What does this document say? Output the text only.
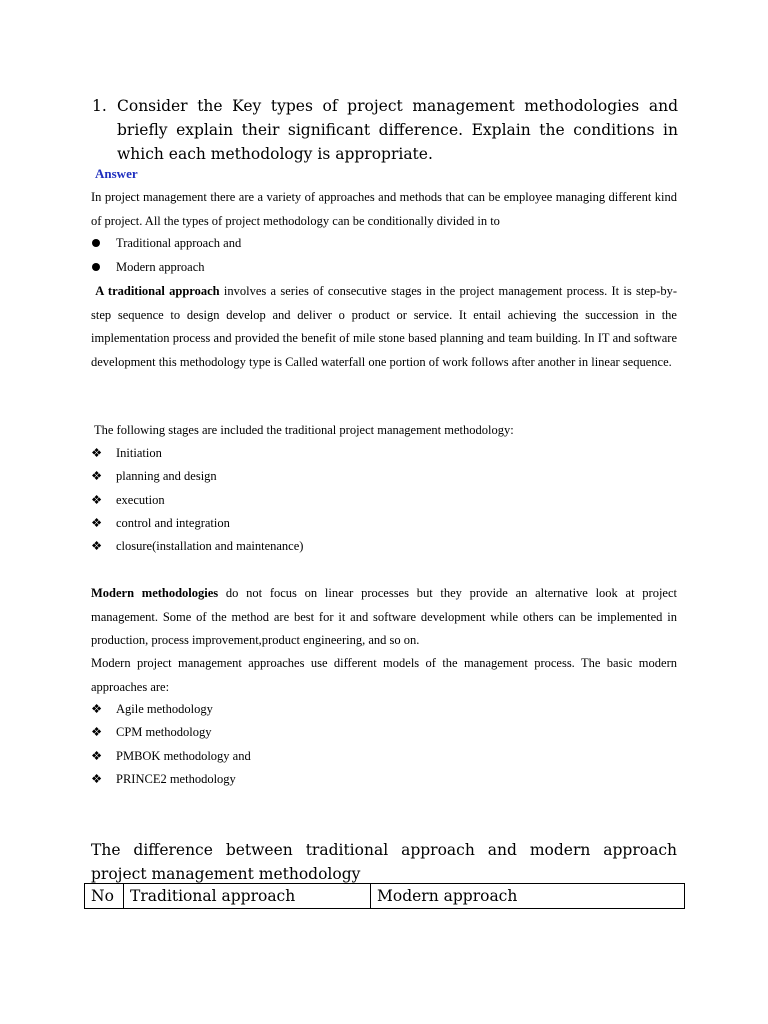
1. Consider the Key types of project management methodologies and briefly explain their significant difference. Explain the conditions in which each methodology is appropriate.
Answer

In project management there are a variety of approaches and methods that can be employee managing different kind of project. All the types of project methodology can be conditionally divided in to

Traditional approach and
Modern approach

A traditional approach involves a series of consecutive stages in the project management process. It is step-by-step sequence to design develop and deliver o product or service. It entail achieving the succession in the implementation process and provided the benefit of mile stone based planning and team building. In IT and software development this methodology type is Called waterfall one portion of work follows after another in linear sequence.

The following stages are included the traditional project management methodology:

❖	Initiation
❖	planning and design
❖	execution
❖	control and integration
❖	closure(installation and maintenance)

Modern methodologies do not focus on linear processes but they provide an alternative look at project management. Some of the method are best for it and software development while others can be implemented in production, process improvement,product engineering, and so on.

Modern project management approaches use different models of the management process. The basic modern approaches are:

❖	Agile methodology
❖	CPM methodology
❖	PMBOK methodology and
❖	PRINCE2 methodology
The difference between traditional approach and modern approach project management methodology
No	Traditional approach	Modern approach
